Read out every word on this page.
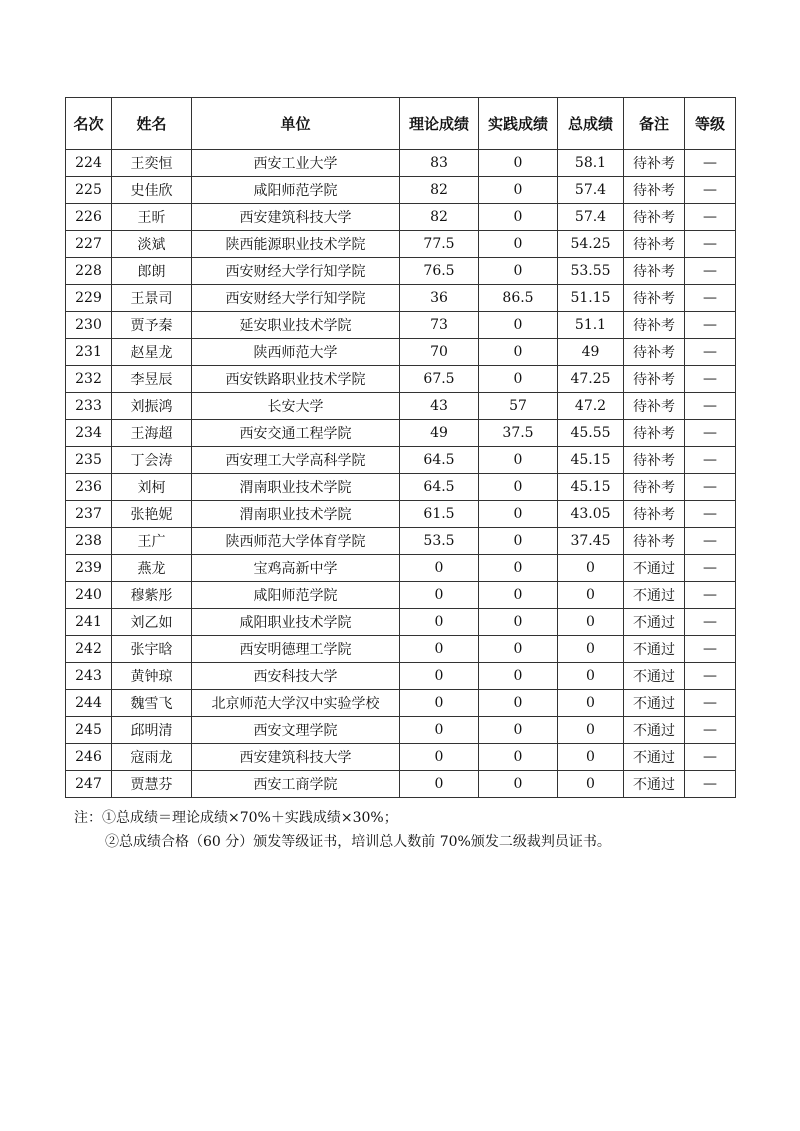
名次	姓名	单位	理论成绩	实践成绩	总成绩	备注	等级
224	王奕恒	西安工业大学	83	0	58.1	待补考	—
225	史佳欣	咸阳师范学院	82	0	57.4	待补考	—
226	王昕	西安建筑科技大学	82	0	57.4	待补考	—
227	淡斌	陕西能源职业技术学院	77.5	0	54.25	待补考	—
228	郎朗	西安财经大学行知学院	76.5	0	53.55	待补考	—
229	王景司	西安财经大学行知学院	36	86.5	51.15	待补考	—
230	贾予秦	延安职业技术学院	73	0	51.1	待补考	—
231	赵星龙	陕西师范大学	70	0	49	待补考	—
232	李昱辰	西安铁路职业技术学院	67.5	0	47.25	待补考	—
233	刘振鸿	长安大学	43	57	47.2	待补考	—
234	王海超	西安交通工程学院	49	37.5	45.55	待补考	—
235	丁会涛	西安理工大学高科学院	64.5	0	45.15	待补考	—
236	刘柯	渭南职业技术学院	64.5	0	45.15	待补考	—
237	张艳妮	渭南职业技术学院	61.5	0	43.05	待补考	—
238	王广	陕西师范大学体育学院	53.5	0	37.45	待补考	—
239	燕龙	宝鸡高新中学	0	0	0	不通过	—
240	穆紫彤	咸阳师范学院	0	0	0	不通过	—
241	刘乙如	咸阳职业技术学院	0	0	0	不通过	—
242	张宇晗	西安明德理工学院	0	0	0	不通过	—
243	黄钟琼	西安科技大学	0	0	0	不通过	—
244	魏雪飞	北京师范大学汉中实验学校	0	0	0	不通过	—
245	邱明清	西安文理学院	0	0	0	不通过	—
246	寇雨龙	西安建筑科技大学	0	0	0	不通过	—
247	贾慧芬	西安工商学院	0	0	0	不通过	—
注：①总成绩＝理论成绩×70%＋实践成绩×30%；
②总成绩合格（60 分）颁发等级证书，培训总人数前 70%颁发二级裁判员证书。
